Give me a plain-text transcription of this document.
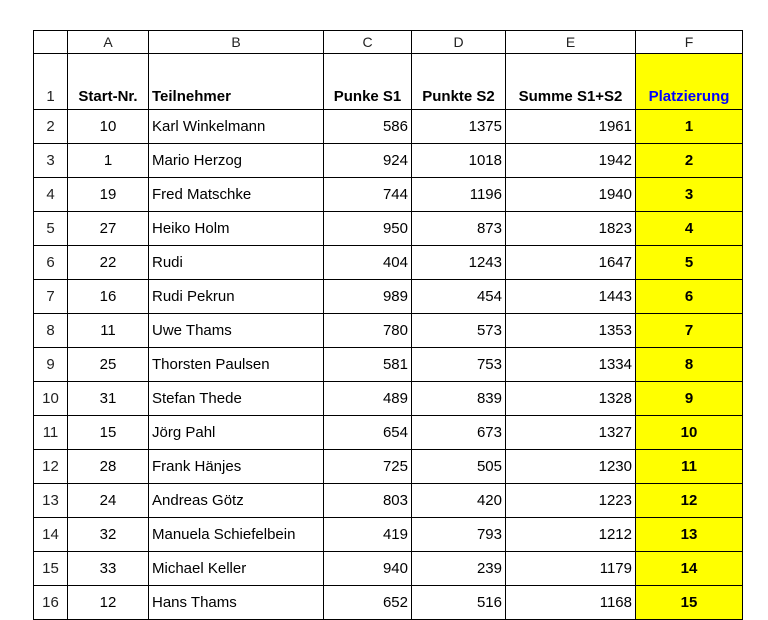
	A	B	C	D	E	F
1	Start-Nr.	Teilnehmer	Punke S1	Punkte S2	Summe S1+S2	Platzierung
2	10	Karl Winkelmann	586	1375	1961	1
3	1	Mario Herzog	924	1018	1942	2
4	19	Fred Matschke	744	1196	1940	3
5	27	Heiko Holm	950	873	1823	4
6	22	Rudi	404	1243	1647	5
7	16	Rudi Pekrun	989	454	1443	6
8	11	Uwe Thams	780	573	1353	7
9	25	Thorsten Paulsen	581	753	1334	8
10	31	Stefan Thede	489	839	1328	9
11	15	Jörg Pahl	654	673	1327	10
12	28	Frank Hänjes	725	505	1230	11
13	24	Andreas Götz	803	420	1223	12
14	32	Manuela Schiefelbein	419	793	1212	13
15	33	Michael Keller	940	239	1179	14
16	12	Hans Thams	652	516	1168	15
